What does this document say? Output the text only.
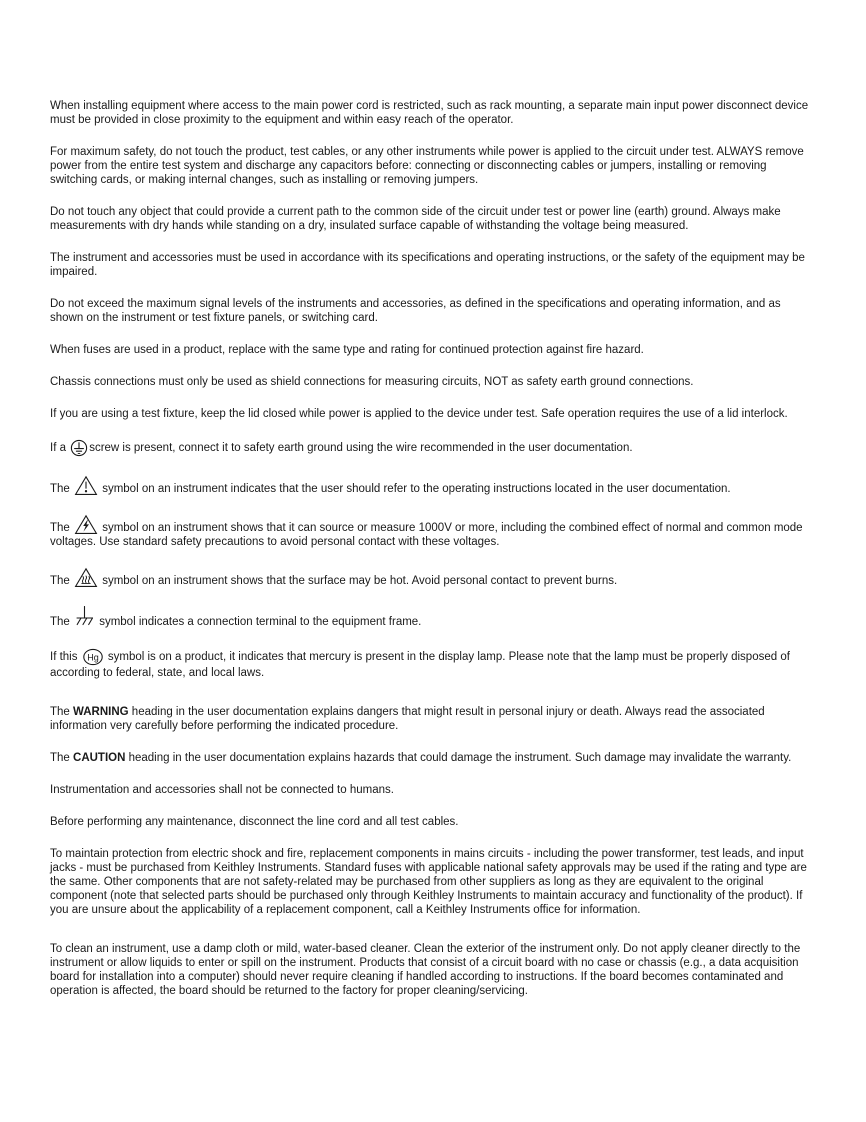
When installing equipment where access to the main power cord is restricted, such as rack mounting, a separate main input power disconnect device must be provided in close proximity to the equipment and within easy reach of the operator.

For maximum safety, do not touch the product, test cables, or any other instruments while power is applied to the circuit under test. ALWAYS remove power from the entire test system and discharge any capacitors before: connecting or disconnecting cables or jumpers, installing or removing switching cards, or making internal changes, such as installing or removing jumpers.

Do not touch any object that could provide a current path to the common side of the circuit under test or power line (earth) ground. Always make measurements with dry hands while standing on a dry, insulated surface capable of withstanding the voltage being measured.

The instrument and accessories must be used in accordance with its specifications and operating instructions, or the safety of the equipment may be impaired.

Do not exceed the maximum signal levels of the instruments and accessories, as defined in the specifications and operating information, and as shown on the instrument or test fixture panels, or switching card.

When fuses are used in a product, replace with the same type and rating for continued protection against fire hazard.

Chassis connections must only be used as shield connections for measuring circuits, NOT as safety earth ground connections.

If you are using a test fixture, keep the lid closed while power is applied to the device under test. Safe operation requires the use of a lid interlock.

If a
screw is present, connect it to safety earth ground using the wire recommended in the user documentation.

The
symbol on an instrument indicates that the user should refer to the operating instructions located in the user documentation.

The
symbol on an instrument shows that it can source or measure 1000V or more, including the combined effect of normal and common mode voltages. Use standard safety precautions to avoid personal contact with these voltages.

The
symbol on an instrument shows that the surface may be hot. Avoid personal contact to prevent burns.

The
symbol indicates a connection terminal to the equipment frame.

If this Hg symbol is on a product, it indicates that mercury is present in the display lamp. Please note that the lamp must be properly disposed of according to federal, state, and local laws.

The WARNING heading in the user documentation explains dangers that might result in personal injury or death. Always read the associated information very carefully before performing the indicated procedure.

The CAUTION heading in the user documentation explains hazards that could damage the instrument. Such damage may invalidate the warranty.

Instrumentation and accessories shall not be connected to humans.

Before performing any maintenance, disconnect the line cord and all test cables.

To maintain protection from electric shock and fire, replacement components in mains circuits - including the power transformer, test leads, and input jacks - must be purchased from Keithley Instruments. Standard fuses with applicable national safety approvals may be used if the rating and type are the same. Other components that are not safety-related may be purchased from other suppliers as long as they are equivalent to the original component (note that selected parts should be purchased only through Keithley Instruments to maintain accuracy and functionality of the product). If you are unsure about the applicability of a replacement component, call a Keithley Instruments office for information.

To clean an instrument, use a damp cloth or mild, water-based cleaner. Clean the exterior of the instrument only. Do not apply cleaner directly to the instrument or allow liquids to enter or spill on the instrument. Products that consist of a circuit board with no case or chassis (e.g., a data acquisition board for installation into a computer) should never require cleaning if handled according to instructions. If the board becomes contaminated and operation is affected, the board should be returned to the factory for proper cleaning/servicing.
